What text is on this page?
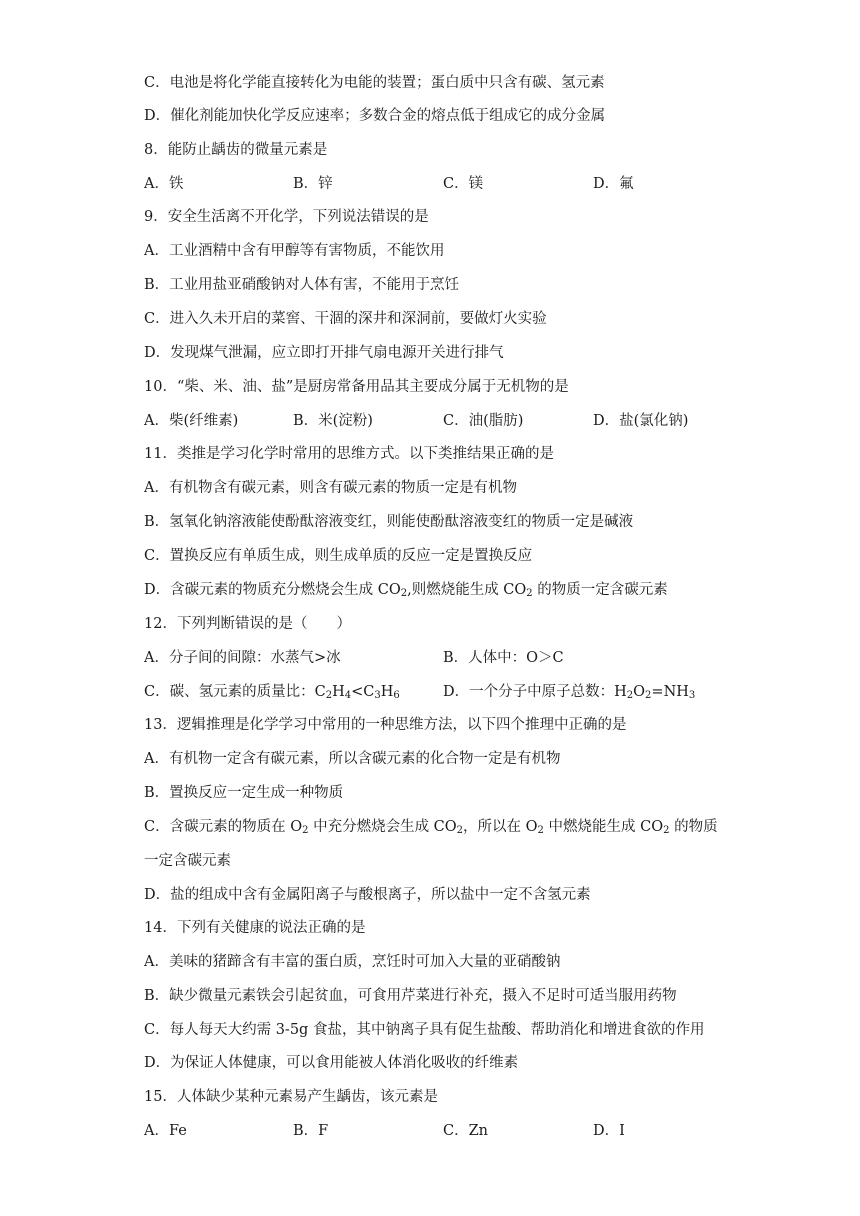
C．电池是将化学能直接转化为电能的装置；蛋白质中只含有碳、氢元素
D．催化剂能加快化学反应速率；多数合金的熔点低于组成它的成分金属
8．能防止龋齿的微量元素是
A．铁	B．锌	C．镁	D．氟
9．安全生活离不开化学，下列说法错误的是
A．工业酒精中含有甲醇等有害物质，不能饮用
B．工业用盐亚硝酸钠对人体有害，不能用于烹饪
C．进入久未开启的菜窖、干涸的深井和深洞前，要做灯火实验
D．发现煤气泄漏，应立即打开排气扇电源开关进行排气
10．“柴、米、油、盐”是厨房常备用品其主要成分属于无机物的是
A．柴(纤维素)	B．米(淀粉)	C．油(脂肪)	D．盐(氯化钠)
11．类推是学习化学时常用的思维方式。以下类推结果正确的是
A．有机物含有碳元素，则含有碳元素的物质一定是有机物
B．氢氧化钠溶液能使酚酞溶液变红，则能使酚酞溶液变红的物质一定是碱液
C．置换反应有单质生成，则生成单质的反应一定是置换反应
D．含碳元素的物质充分燃烧会生成 $CO_2$,则燃烧能生成 $CO_2$ 的物质一定含碳元素
12．下列判断错误的是（　　）
A．分子间的间隙：水蒸气>冰	B．人体中：O＞C
C．碳、氢元素的质量比：$C_2H_4<C_3H_6$	D．一个分子中原子总数：$H_2O_2=NH_3$
13．逻辑推理是化学学习中常用的一种思维方法，以下四个推理中正确的是
A．有机物一定含有碳元素，所以含碳元素的化合物一定是有机物
B．置换反应一定生成一种物质
C．含碳元素的物质在 $O_2$ 中充分燃烧会生成 $CO_2$，所以在 $O_2$ 中燃烧能生成 $CO_2$ 的物质
一定含碳元素
D．盐的组成中含有金属阳离子与酸根离子，所以盐中一定不含氢元素
14．下列有关健康的说法正确的是
A．美味的猪蹄含有丰富的蛋白质，烹饪时可加入大量的亚硝酸钠
B．缺少微量元素铁会引起贫血，可食用芹菜进行补充，摄入不足时可适当服用药物
C．每人每天大约需 3-5g 食盐，其中钠离子具有促生盐酸、帮助消化和增进食欲的作用
D．为保证人体健康，可以食用能被人体消化吸收的纤维素
15．人体缺少某种元素易产生龋齿，该元素是
A．Fe	B．F	C．Zn	D．I
